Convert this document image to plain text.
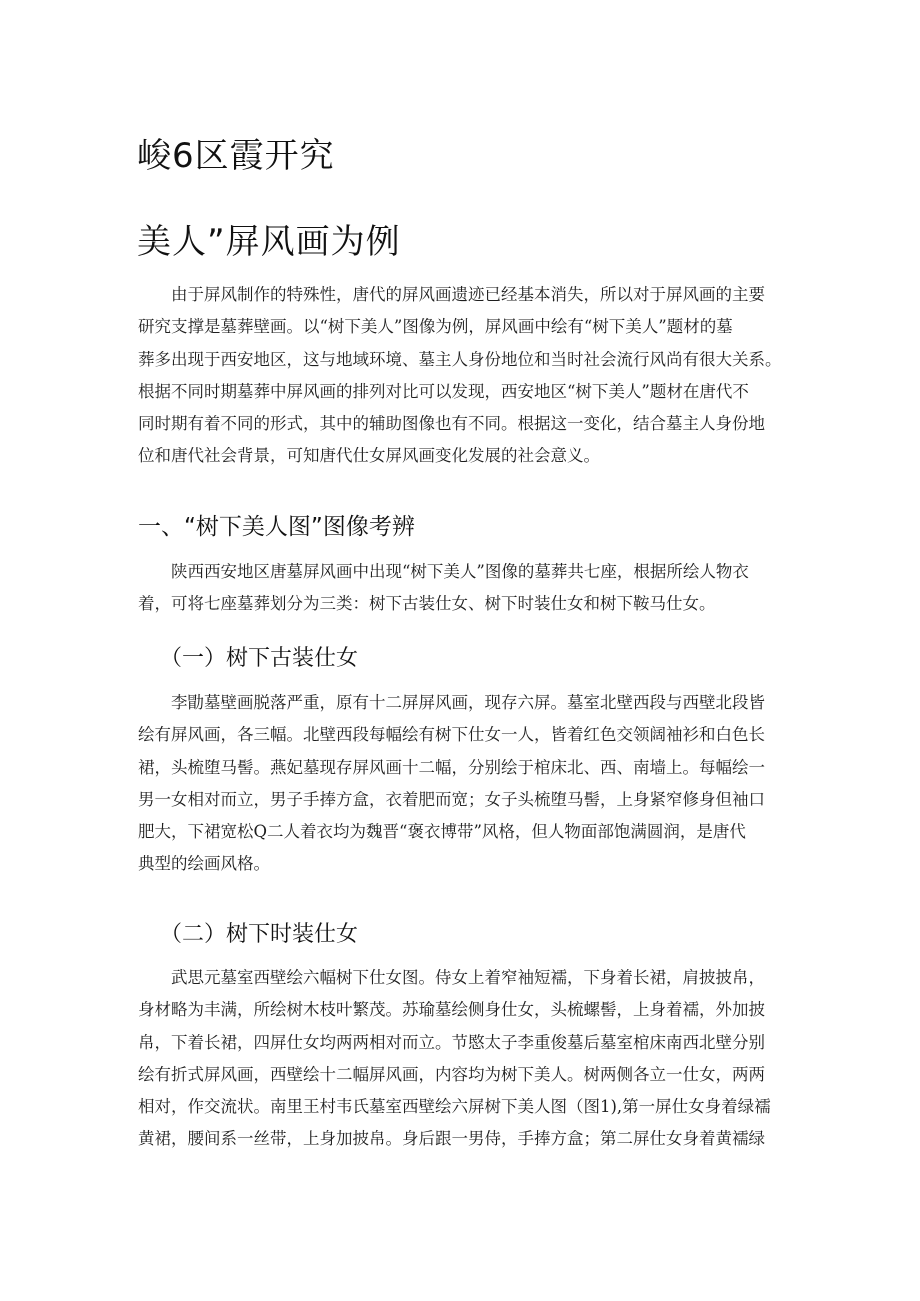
峻6区霞开究
美人”屏风画为例
由于屏风制作的特殊性，唐代的屏风画遗迹已经基本消失，所以对于屏风画的主要
研究支撑是墓葬壁画。以“树下美人”图像为例，屏风画中绘有“树下美人”题材的墓
葬多出现于西安地区，这与地域环境、墓主人身份地位和当时社会流行风尚有很大关系。
根据不同时期墓葬中屏风画的排列对比可以发现，西安地区“树下美人”题材在唐代不
同时期有着不同的形式，其中的辅助图像也有不同。根据这一变化，结合墓主人身份地
位和唐代社会背景，可知唐代仕女屏风画变化发展的社会意义。
一、“树下美人图”图像考辨
陕西西安地区唐墓屏风画中出现“树下美人”图像的墓葬共七座，根据所绘人物衣
着，可将七座墓葬划分为三类：树下古装仕女、树下时装仕女和树下鞍马仕女。
（一）树下古装仕女
李勖墓壁画脱落严重，原有十二屏屏风画，现存六屏。墓室北壁西段与西壁北段皆
绘有屏风画，各三幅。北壁西段每幅绘有树下仕女一人，皆着红色交领阔袖衫和白色长
裙，头梳堕马髻。燕妃墓现存屏风画十二幅，分别绘于棺床北、西、南墙上。每幅绘一
男一女相对而立，男子手捧方盒，衣着肥而宽；女子头梳堕马髻，上身紧窄修身但袖口
肥大，下裙宽松Q二人着衣均为魏晋“褒衣博带”风格，但人物面部饱满圆润，是唐代
典型的绘画风格。
（二）树下时装仕女
武思元墓室西壁绘六幅树下仕女图。侍女上着窄袖短襦，下身着长裙，肩披披帛，
身材略为丰满，所绘树木枝叶繁茂。苏瑜墓绘侧身仕女，头梳螺髻，上身着襦，外加披
帛，下着长裙，四屏仕女均两两相对而立。节愍太子李重俊墓后墓室棺床南西北壁分别
绘有折式屏风画，西壁绘十二幅屏风画，内容均为树下美人。树两侧各立一仕女，两两
相对，作交流状。南里王村韦氏墓室西壁绘六屏树下美人图（图1),第一屏仕女身着绿襦
黄裙，腰间系一丝带，上身加披帛。身后跟一男侍，手捧方盒；第二屏仕女身着黄襦绿
